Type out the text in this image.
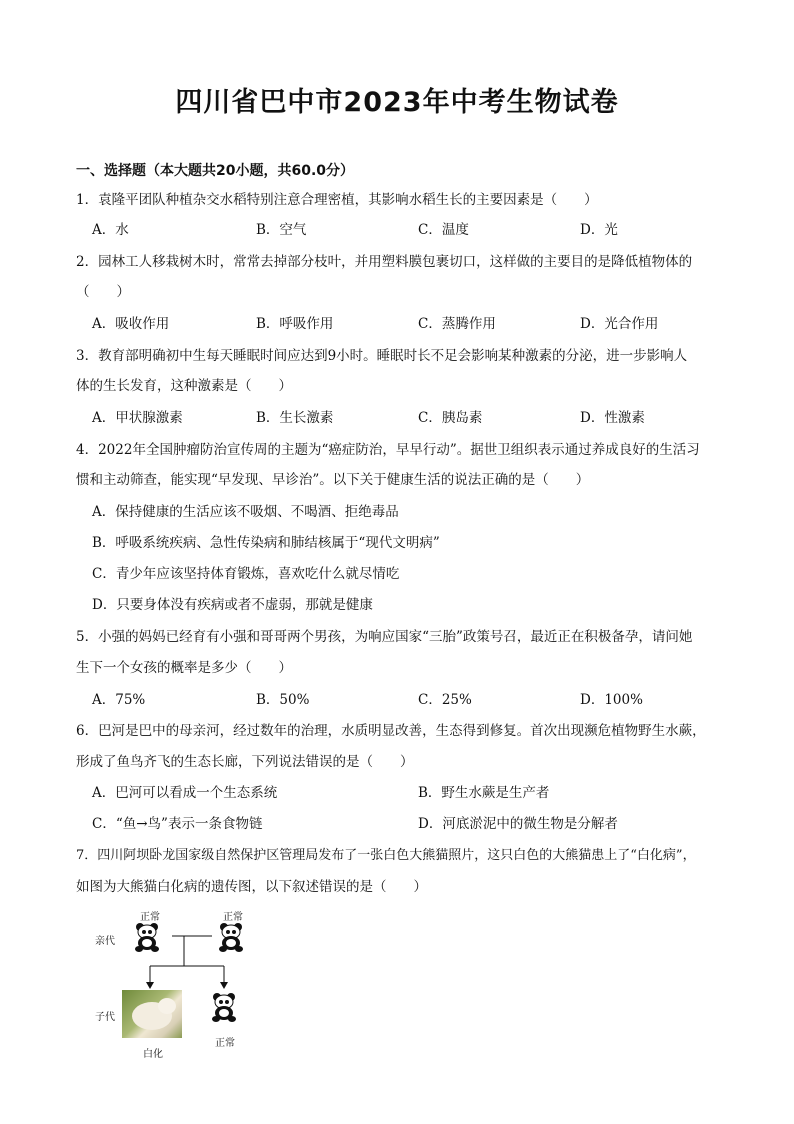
四川省巴中市2023年中考生物试卷
一、选择题（本大题共20小题，共60.0分）
1．袁隆平团队种植杂交水稻特别注意合理密植，其影响水稻生长的主要因素是（　　）
A．水	B．空气	C．温度	D．光
2．园林工人移栽树木时，常常去掉部分枝叶，并用塑料膜包裹切口，这样做的主要目的是降低植物体的
（　　）
A．吸收作用	B．呼吸作用	C．蒸腾作用	D．光合作用
3．教育部明确初中生每天睡眠时间应达到9小时。睡眠时长不足会影响某种激素的分泌，进一步影响人
体的生长发育，这种激素是（　　）
A．甲状腺激素	B．生长激素	C．胰岛素	D．性激素
4．2022年全国肿瘤防治宣传周的主题为“癌症防治，早早行动”。据世卫组织表示通过养成良好的生活习
惯和主动筛查，能实现“早发现、早诊治”。以下关于健康生活的说法正确的是（　　）
A．保持健康的生活应该不吸烟、不喝酒、拒绝毒品
B．呼吸系统疾病、急性传染病和肺结核属于“现代文明病”
C．青少年应该坚持体育锻炼，喜欢吃什么就尽情吃
D．只要身体没有疾病或者不虚弱，那就是健康
5．小强的妈妈已经育有小强和哥哥两个男孩，为响应国家“三胎”政策号召，最近正在积极备孕，请问她
生下一个女孩的概率是多少（　　）
A．75%	B．50%	C．25%	D．100%
6．巴河是巴中的母亲河，经过数年的治理，水质明显改善，生态得到修复。首次出现濒危植物野生水蕨，
形成了鱼鸟齐飞的生态长廊，下列说法错误的是（　　）
A．巴河可以看成一个生态系统	B．野生水蕨是生产者
C．“鱼→鸟”表示一条食物链	D．河底淤泥中的微生物是分解者
7．四川阿坝卧龙国家级自然保护区管理局发布了一张白色大熊猫照片，这只白色的大熊猫患上了“白化病”，
如图为大熊猫白化病的遗传图，以下叙述错误的是（　　）
正常	正常
亲代
子代
白化
正常
